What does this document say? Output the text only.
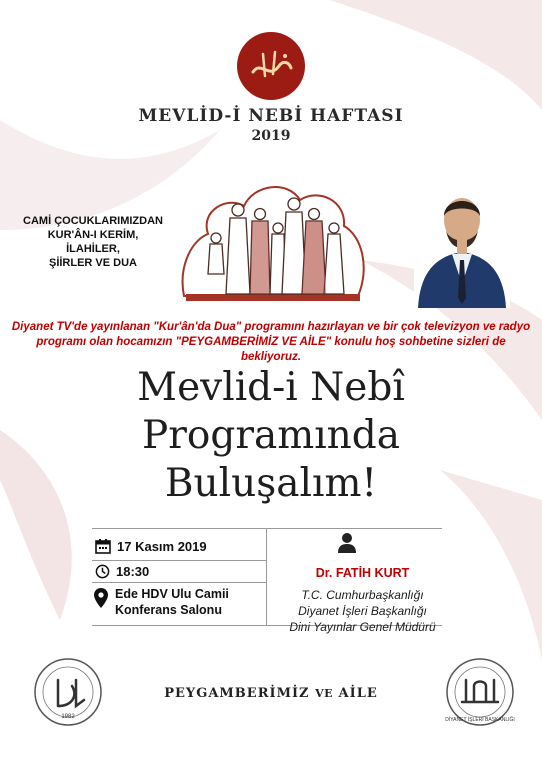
MEVLİD-İ NEBİ HAFTASI
2019
CAMİ ÇOCUKLARIMIZDAN
KUR'ÂN-I KERİM,
İLAHİLER,
ŞİİRLER VE DUA
Diyanet TV'de yayınlanan "Kur'ân'da Dua" programını hazırlayan ve bir çok televizyon ve radyo programı olan hocamızın "PEYGAMBERİMİZ VE AİLE" konulu hoş sohbetine sizleri de bekliyoruz.
Mevlid-i Nebî
Programında
Buluşalım!
17 Kasım 2019
18:30
Ede HDV Ulu Camii
Konferans Salonu
Dr. FATİH KURT
T.C. Cumhurbaşkanlığı
Diyanet İşleri Başkanlığı
Dini Yayınlar Genel Müdürü
1982
PEYGAMBERİMİZ VE AİLE
DİYANET İŞLERİ BAŞKANLIĞI
